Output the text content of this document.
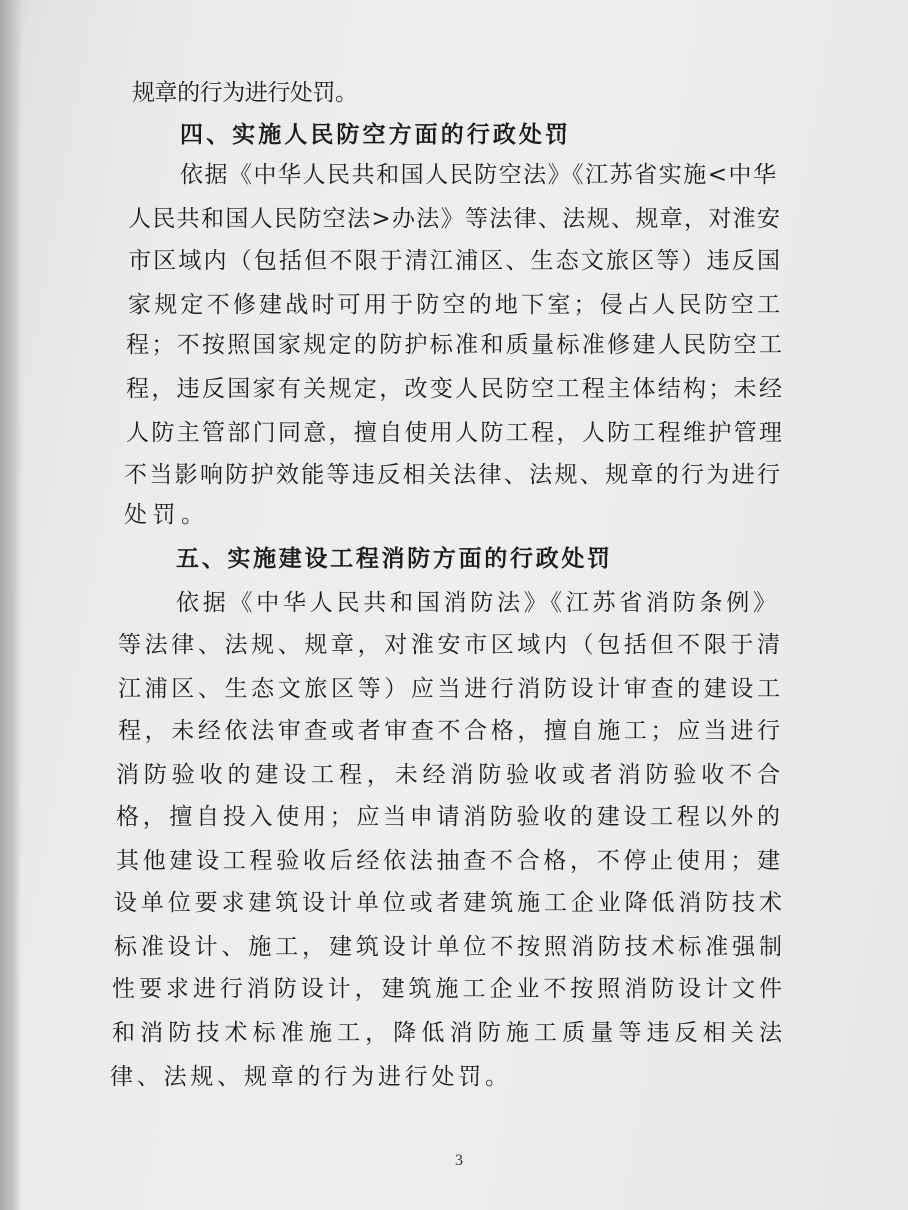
规章的行为进行处罚。
四、实施人民防空方面的行政处罚
依据《中华人民共和国人民防空法》《江苏省实施<中华
人民共和国人民防空法>办法》等法律、法规、规章，对淮安
市区域内（包括但不限于清江浦区、生态文旅区等）违反国
家规定不修建战时可用于防空的地下室；侵占人民防空工
程；不按照国家规定的防护标准和质量标准修建人民防空工
程，违反国家有关规定，改变人民防空工程主体结构；未经
人防主管部门同意，擅自使用人防工程，人防工程维护管理
不当影响防护效能等违反相关法律、法规、规章的行为进行
处罚。
五、实施建设工程消防方面的行政处罚
依据《中华人民共和国消防法》《江苏省消防条例》
等法律、法规、规章，对淮安市区域内（包括但不限于清
江浦区、生态文旅区等）应当进行消防设计审查的建设工
程，未经依法审查或者审查不合格，擅自施工；应当进行
消防验收的建设工程，未经消防验收或者消防验收不合
格，擅自投入使用；应当申请消防验收的建设工程以外的
其他建设工程验收后经依法抽查不合格，不停止使用；建
设单位要求建筑设计单位或者建筑施工企业降低消防技术
标准设计、施工，建筑设计单位不按照消防技术标准强制
性要求进行消防设计，建筑施工企业不按照消防设计文件
和消防技术标准施工，降低消防施工质量等违反相关法
律、法规、规章的行为进行处罚。
3
